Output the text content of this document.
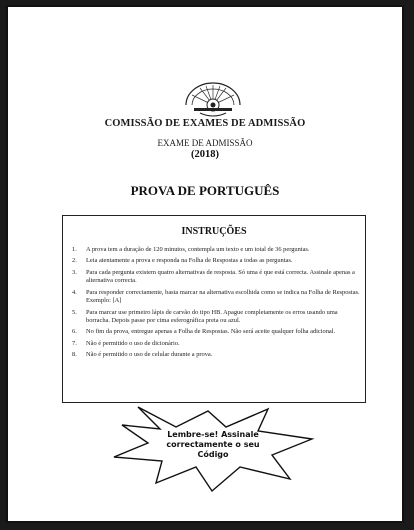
COMISSÃO DE EXAMES DE ADMISSÃO
EXAME DE ADMISSÃO
(2018)
PROVA DE PORTUGUÊS
INSTRUÇÕES
1.	A prova tem a duração de 120 minutos, contempla um texto e um total de 36 perguntas.
2.	Leia atentamente a prova e responda na Folha de Respostas a todas as perguntas.
3.	Para cada pergunta existem quatro alternativas de resposta. Só uma é que está correcta. Assinale apenas a alternativa correcta.
4.	Para responder correctamente, basta marcar na alternativa escolhida como se indica na Folha de Respostas. Exemplo: [A]
5.	Para marcar use primeiro lápis de carvão do tipo HB. Apague completamente os erros usando uma borracha. Depois passe por cima esferográfica preta ou azul.
6.	No fim da prova, entregue apenas a Folha de Respostas. Não será aceite qualquer folha adicional.
7.	Não é permitido o uso de dicionário.
8.	Não é permitido o uso de celular durante a prova.
Lembre-se! Assinale
correctamente o seu
Código
